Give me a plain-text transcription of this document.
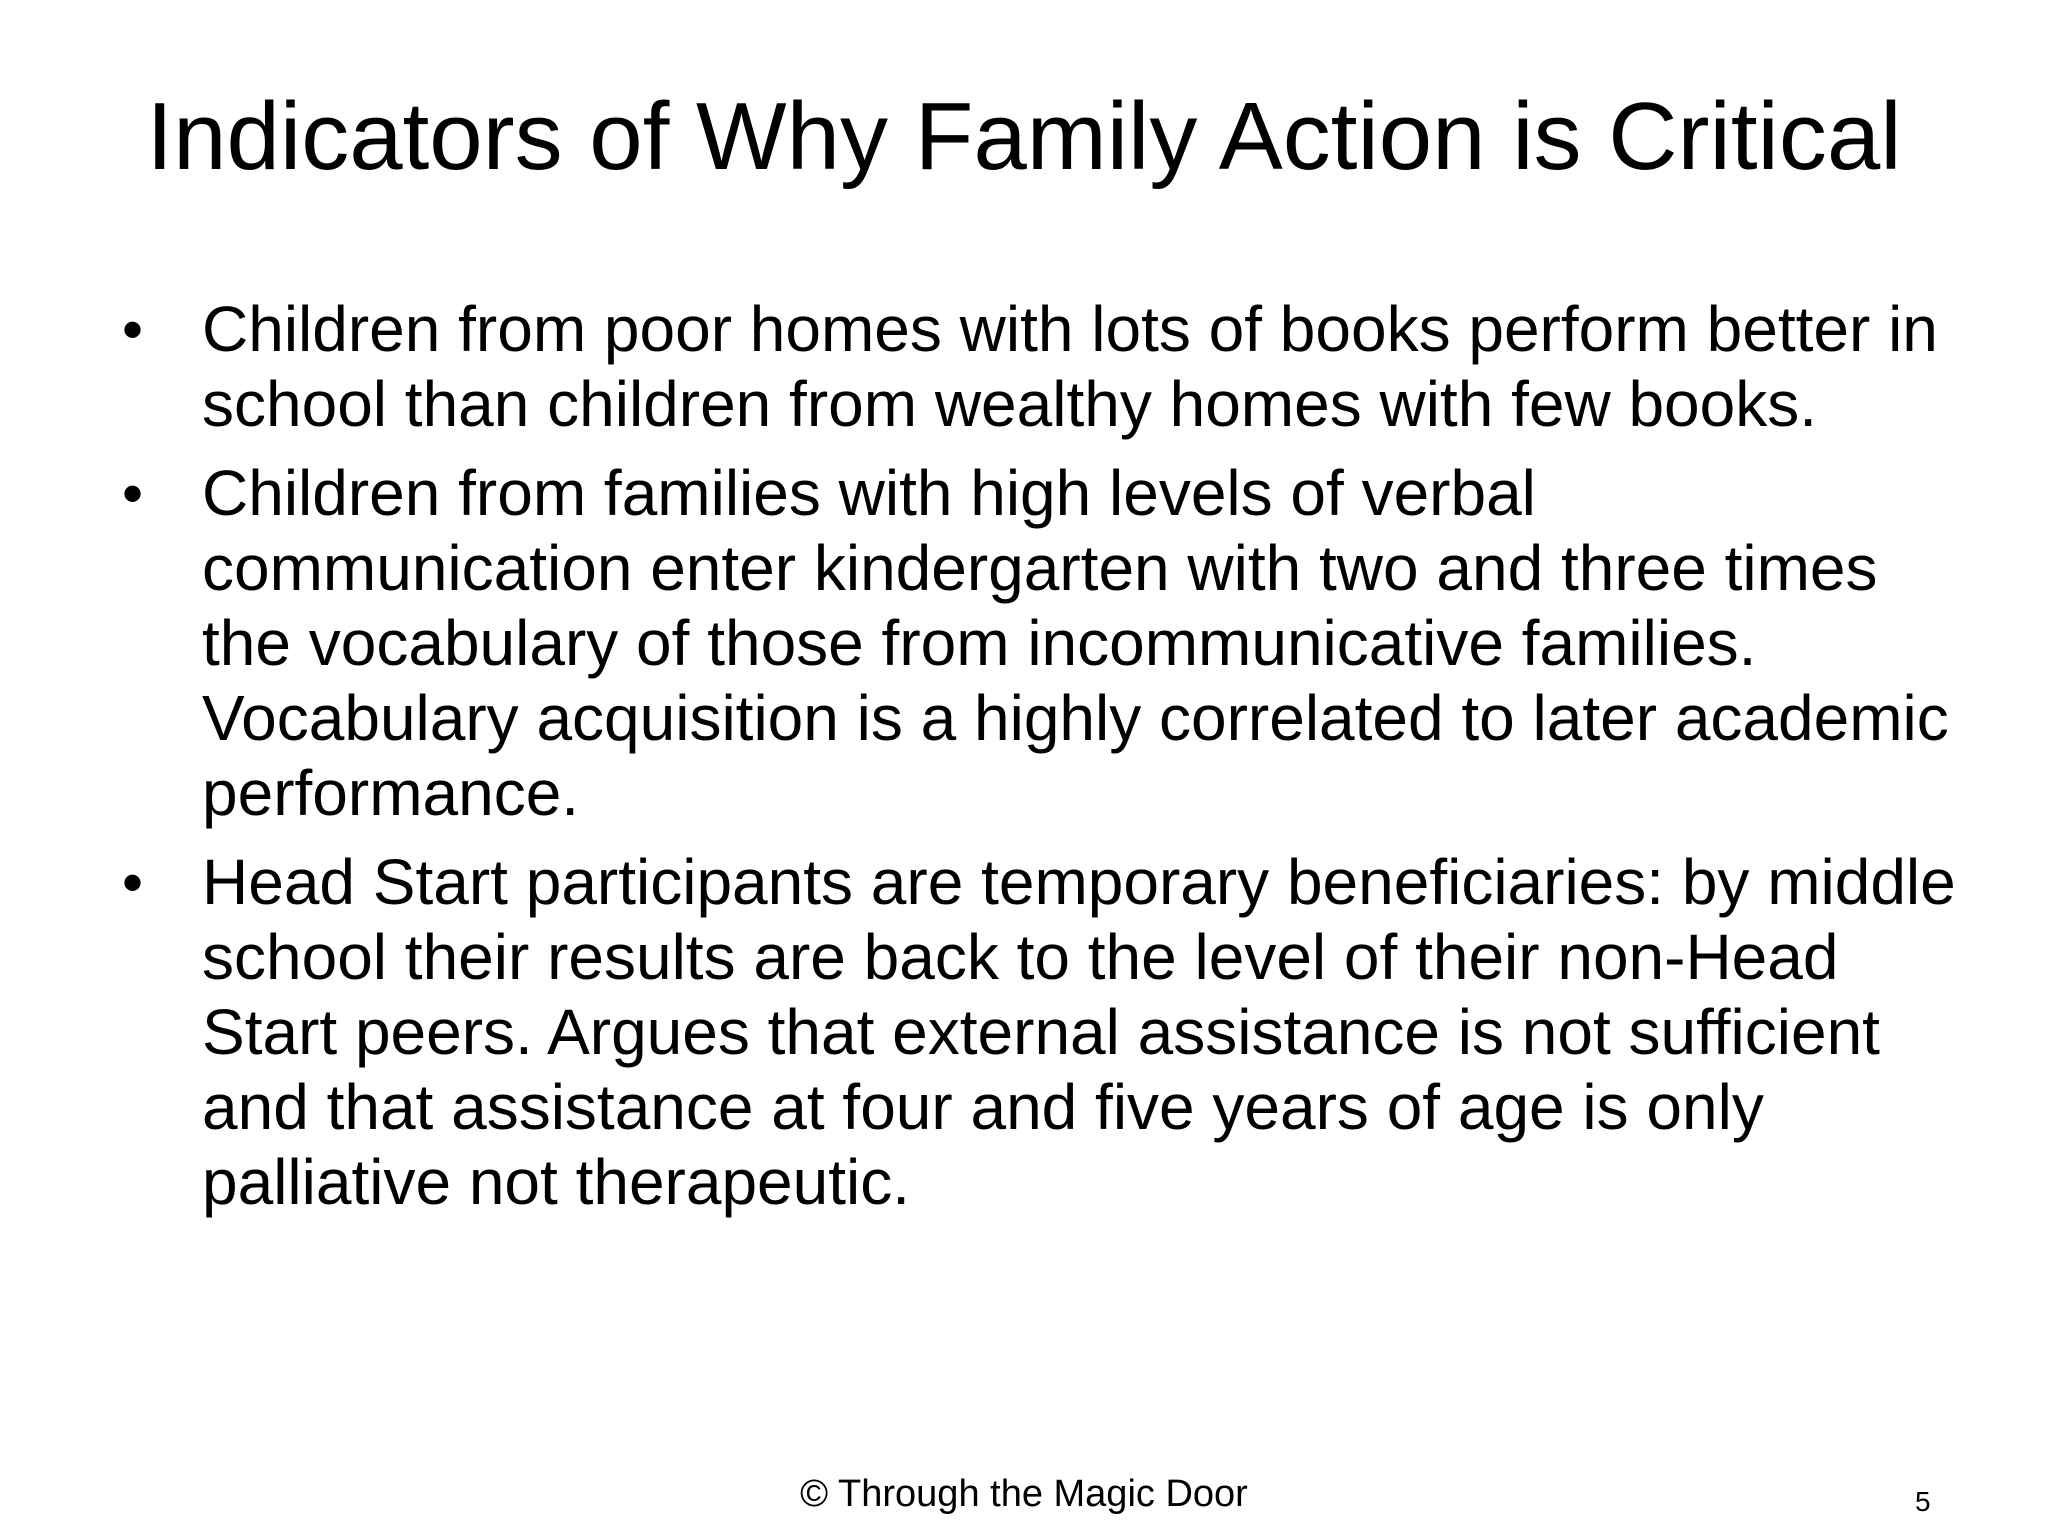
Indicators of Why Family Action is Critical
• Children from poor homes with lots of books perform better in school than children from wealthy homes with few books.
• Children from families with high levels of verbal communication enter kindergarten with two and three times the vocabulary of those from incommunicative families. Vocabulary acquisition is a highly correlated to later academic performance.
• Head Start participants are temporary beneficiaries: by middle school their results are back to the level of their non-Head Start peers. Argues that external assistance is not sufficient and that assistance at four and five years of age is only palliative not therapeutic.
© Through the Magic Door	5
